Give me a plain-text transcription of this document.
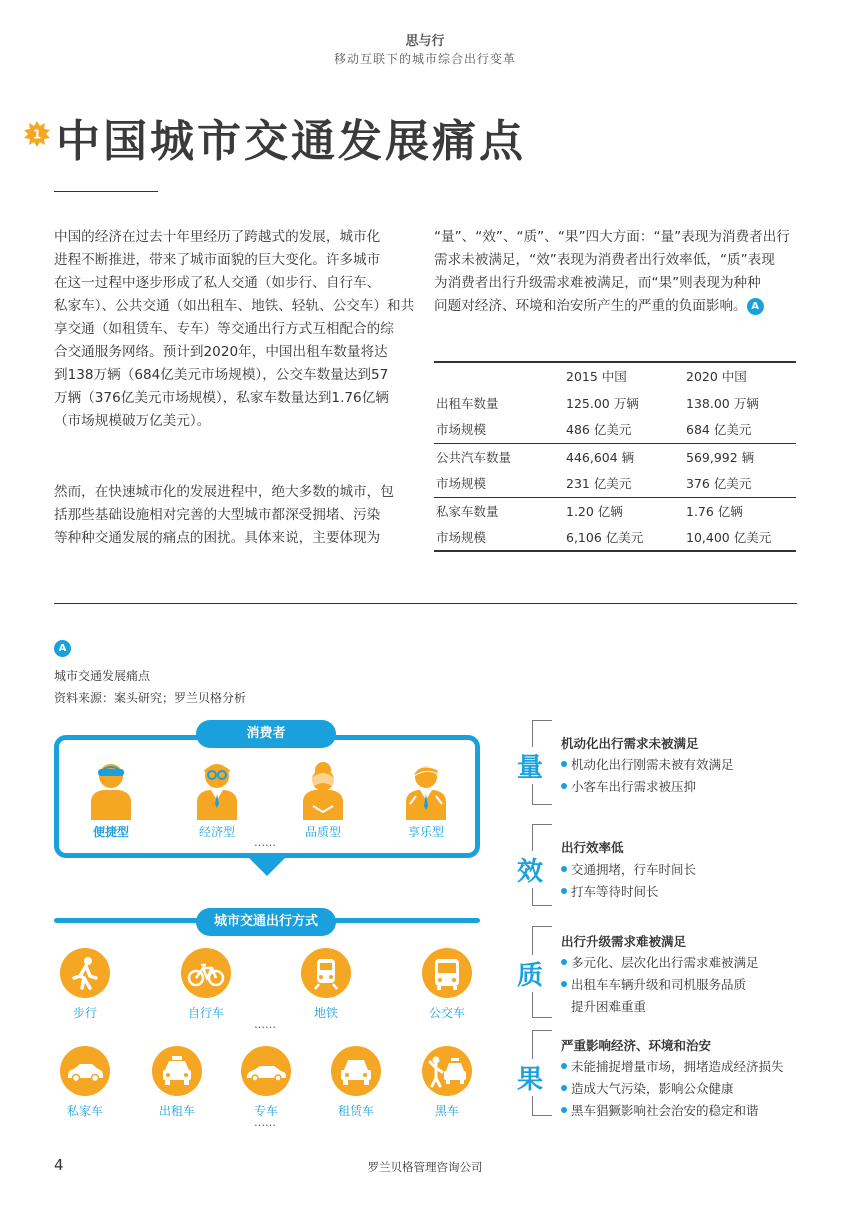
思与行
移动互联下的城市综合出行变革
1 中国城市交通发展痛点
中国的经济在过去十年里经历了跨越式的发展，城市化
进程不断推进，带来了城市面貌的巨大变化。许多城市
在这一过程中逐步形成了私人交通（如步行、自行车、
私家车）、公共交通（如出租车、地铁、轻轨、公交车）和共
享交通（如租赁车、专车）等交通出行方式互相配合的综
合交通服务网络。预计到2020年，中国出租车数量将达
到138万辆（684亿美元市场规模），公交车数量达到57
万辆（376亿美元市场规模），私家车数量达到1.76亿辆
（市场规模破万亿美元）。
然而，在快速城市化的发展进程中，绝大多数的城市，包
括那些基础设施相对完善的大型城市都深受拥堵、污染
等种种交通发展的痛点的困扰。具体来说，主要体现为
“量”、“效”、“质”、“果”四大方面：“量”表现为消费者出行
需求未被满足，“效”表现为消费者出行效率低，“质”表现
为消费者出行升级需求难被满足，而“果”则表现为种种
问题对经济、环境和治安所产生的严重的负面影响。 A
	2015 中国	2020 中国
出租车数量	125.00 万辆	138.00 万辆
市场规模	486 亿美元	684 亿美元
公共汽车数量	446,604 辆	569,992 辆
市场规模	231 亿美元	376 亿美元
私家车数量	1.20 亿辆	1.76 亿辆
市场规模	6,106 亿美元	10,400 亿美元
A
城市交通发展痛点
资料来源：案头研究；罗兰贝格分析
消费者
便捷型	经济型	品质型	享乐型
……
城市交通出行方式
步行	自行车	地铁	公交车
……
私家车	出租车	专车	租赁车	黑车
……
量
机动化出行需求未被满足
机动化出行刚需未被有效满足
小客车出行需求被压抑
效
出行效率低
交通拥堵，行车时间长
打车等待时间长
质
出行升级需求难被满足
多元化、层次化出行需求难被满足
出租车车辆升级和司机服务品质
提升困难重重
果
严重影响经济、环境和治安
未能捕捉增量市场，拥堵造成经济损失
造成大气污染，影响公众健康
黑车猖獗影响社会治安的稳定和谐
4	罗兰贝格管理咨询公司
